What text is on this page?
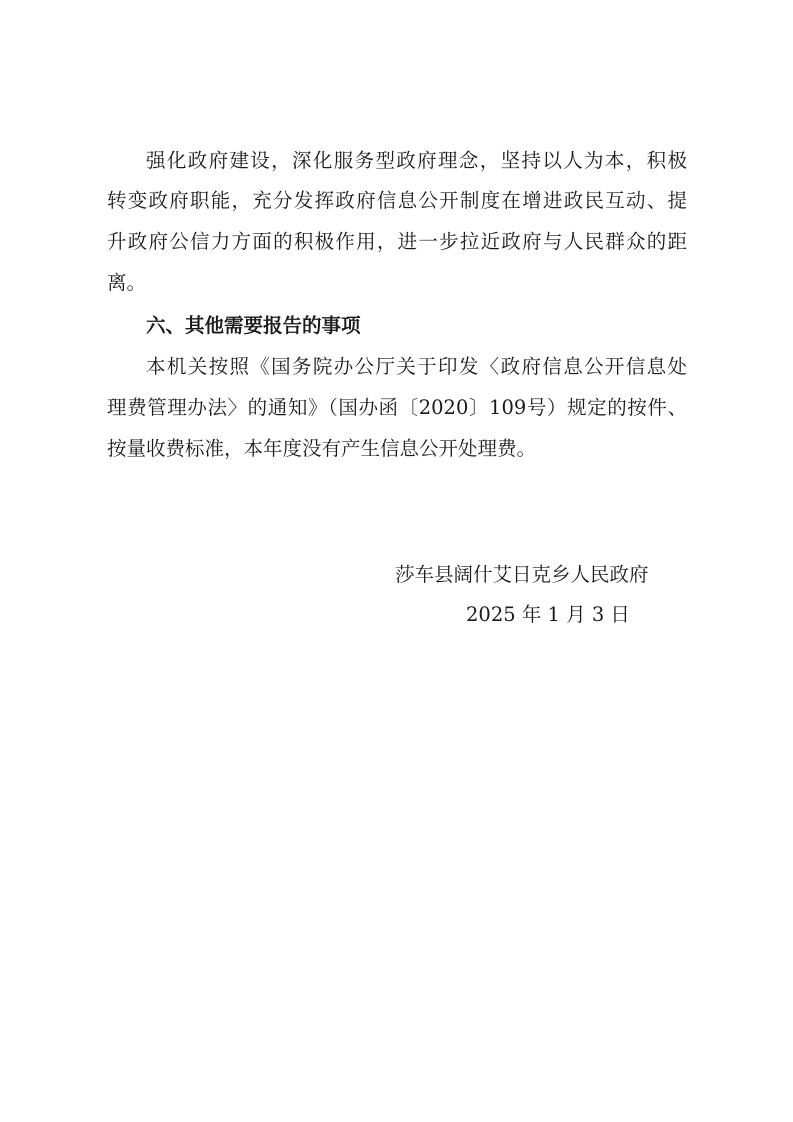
强化政府建设，深化服务型政府理念，坚持以人为本，积极
转变政府职能，充分发挥政府信息公开制度在增进政民互动、提
升政府公信力方面的积极作用，进一步拉近政府与人民群众的距
离。
六、其他需要报告的事项
本机关按照《国务院办公厅关于印发〈政府信息公开信息处
理费管理办法〉的通知》（国办函〔2020〕109号）规定的按件、
按量收费标准，本年度没有产生信息公开处理费。
莎车县阔什艾日克乡人民政府
2025 年 1 月 3 日
